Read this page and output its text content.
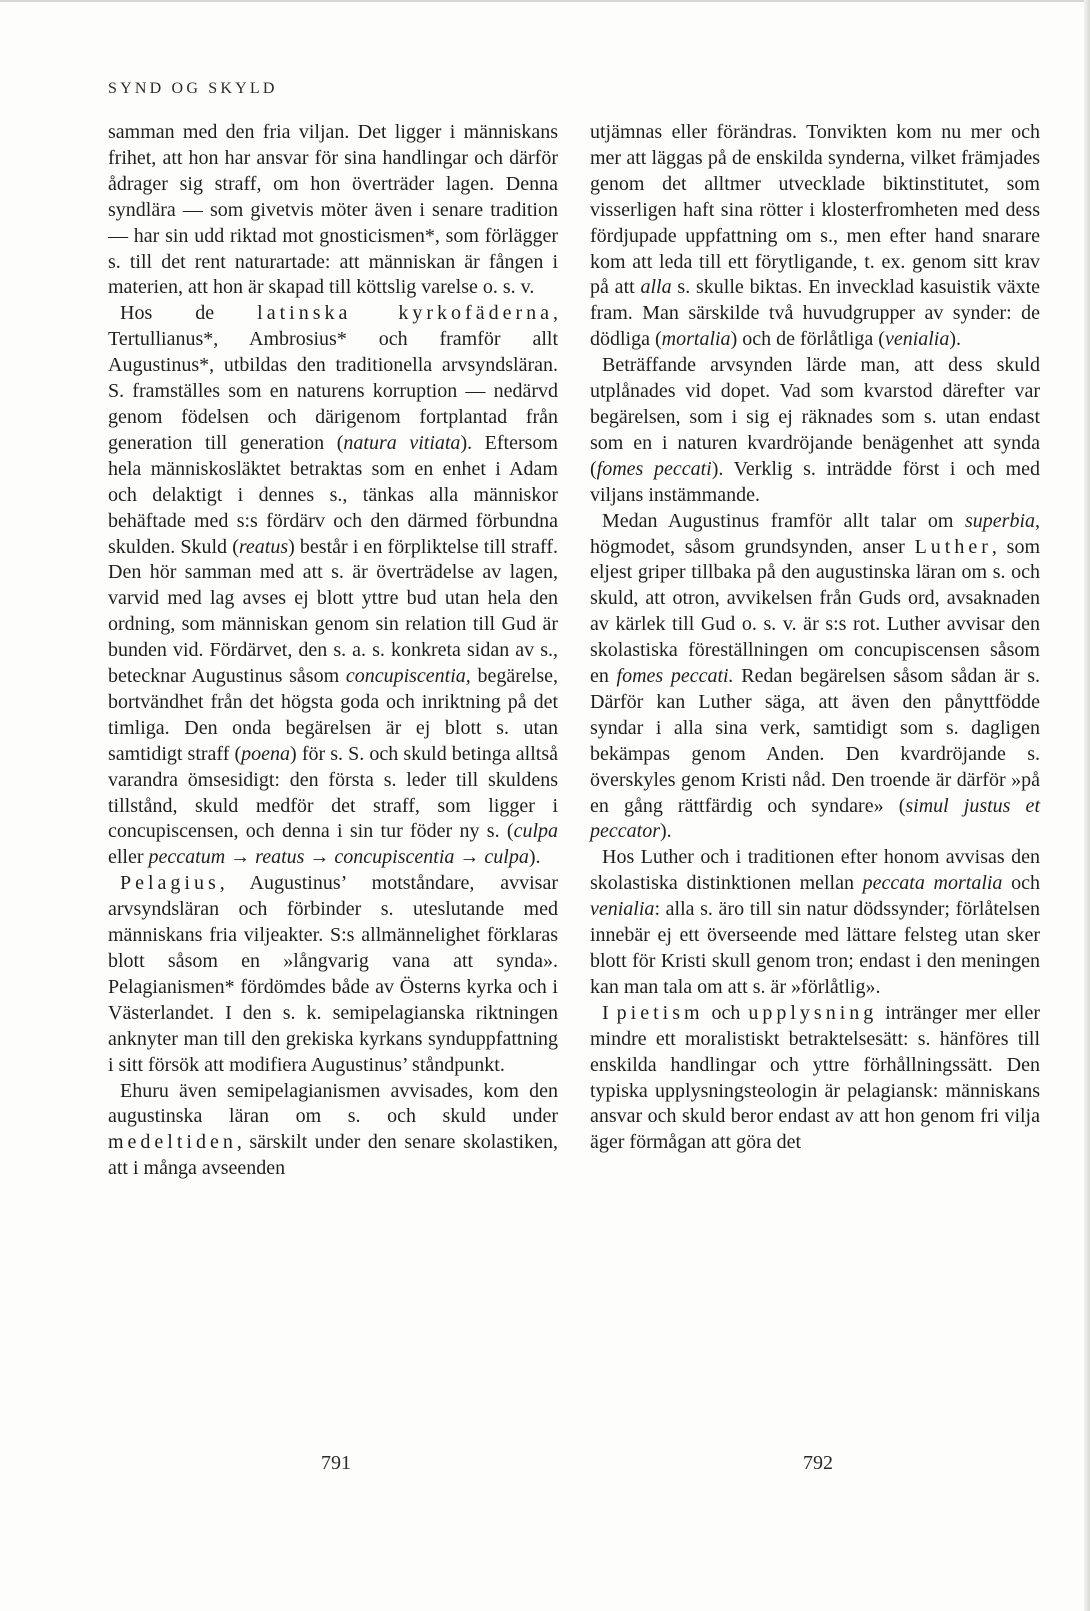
SYND OG SKYLD

samman med den fria viljan. Det ligger i människans frihet, att hon har ansvar för sina handlingar och därför ådrager sig straff, om hon överträder lagen. Denna syndlära — som givetvis möter även i senare tradition — har sin udd riktad mot gnosticismen*, som förlägger s. till det rent naturartade: att människan är fången i materien, att hon är skapad till köttslig varelse o. s. v.

Hos de latinska kyrkofäderna, Tertullianus*, Ambrosius* och framför allt Augustinus*, utbildas den traditionella arvsyndsläran. S. framställes som en naturens korruption — nedärvd genom födelsen och därigenom fortplantad från generation till generation (natura vitiata). Eftersom hela människosläktet betraktas som en enhet i Adam och delaktigt i dennes s., tänkas alla människor behäftade med s:s fördärv och den därmed förbundna skulden. Skuld (reatus) består i en förpliktelse till straff. Den hör samman med att s. är överträdelse av lagen, varvid med lag avses ej blott yttre bud utan hela den ordning, som människan genom sin relation till Gud är bunden vid. Fördärvet, den s. a. s. konkreta sidan av s., betecknar Augustinus såsom concupiscentia, begärelse, bortvändhet från det högsta goda och inriktning på det timliga. Den onda begärelsen är ej blott s. utan samtidigt straff (poena) för s. S. och skuld betinga alltså varandra ömsesidigt: den första s. leder till skuldens tillstånd, skuld medför det straff, som ligger i concupiscensen, och denna i sin tur föder ny s. (culpa eller peccatum → reatus → concupiscentia → culpa).

Pelagius, Augustinus’ motståndare, avvisar arvsyndsläran och förbinder s. uteslutande med människans fria viljeakter. S:s allmännelighet förklaras blott såsom en »långvarig vana att synda». Pelagianismen* fördömdes både av Österns kyrka och i Västerlandet. I den s. k. semipelagianska riktningen anknyter man till den grekiska kyrkans synduppfattning i sitt försök att modifiera Augustinus’ ståndpunkt.

Ehuru även semipelagianismen avvisades, kom den augustinska läran om s. och skuld under medeltiden, särskilt under den senare skolastiken, att i många avseenden

utjämnas eller förändras. Tonvikten kom nu mer och mer att läggas på de enskilda synderna, vilket främjades genom det alltmer utvecklade biktinstitutet, som visserligen haft sina rötter i klosterfromheten med dess fördjupade uppfattning om s., men efter hand snarare kom att leda till ett förytligande, t. ex. genom sitt krav på att alla s. skulle biktas. En invecklad kasuistik växte fram. Man särskilde två huvudgrupper av synder: de dödliga (mortalia) och de förlåtliga (venialia).

Beträffande arvsynden lärde man, att dess skuld utplånades vid dopet. Vad som kvarstod därefter var begärelsen, som i sig ej räknades som s. utan endast som en i naturen kvardröjande benägenhet att synda (fomes peccati). Verklig s. inträdde först i och med viljans instämmande.

Medan Augustinus framför allt talar om superbia, högmodet, såsom grundsynden, anser Luther, som eljest griper tillbaka på den augustinska läran om s. och skuld, att otron, avvikelsen från Guds ord, avsaknaden av kärlek till Gud o. s. v. är s:s rot. Luther avvisar den skolastiska föreställningen om concupiscensen såsom en fomes peccati. Redan begärelsen såsom sådan är s. Därför kan Luther säga, att även den pånyttfödde syndar i alla sina verk, samtidigt som s. dagligen bekämpas genom Anden. Den kvardröjande s. överskyles genom Kristi nåd. Den troende är därför »på en gång rättfärdig och syndare» (simul justus et peccator).

Hos Luther och i traditionen efter honom avvisas den skolastiska distinktionen mellan peccata mortalia och venialia: alla s. äro till sin natur dödssynder; förlåtelsen innebär ej ett överseende med lättare felsteg utan sker blott för Kristi skull genom tron; endast i den meningen kan man tala om att s. är »förlåtlig».

I pietism och upplysning intränger mer eller mindre ett moralistiskt betraktelsesätt: s. hänföres till enskilda handlingar och yttre förhållningssätt. Den typiska upplysningsteologin är pelagiansk: människans ansvar och skuld beror endast av att hon genom fri vilja äger förmågan att göra det

791	792
